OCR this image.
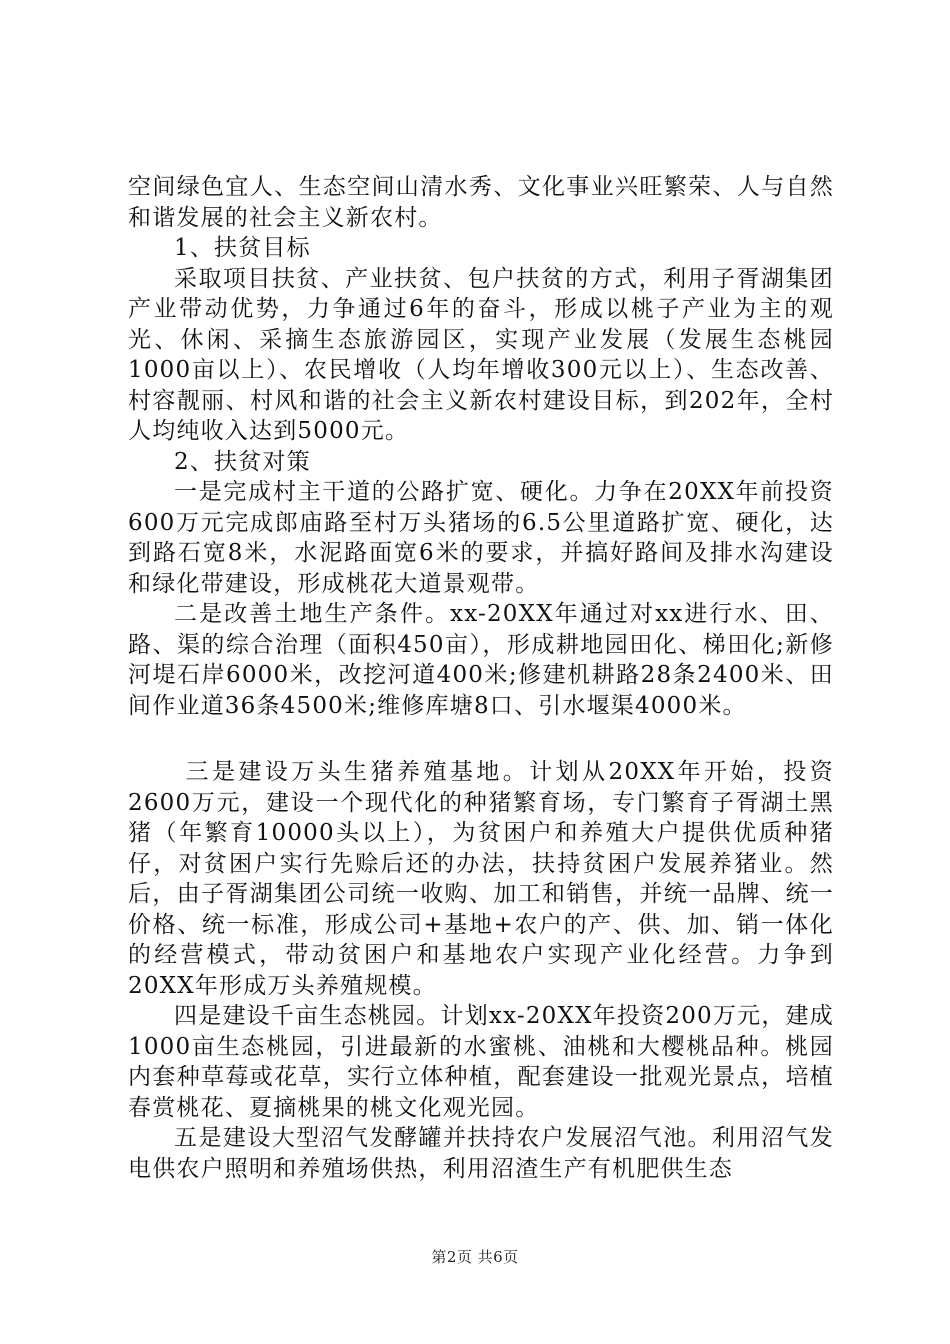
空间绿色宜人、生态空间山清水秀、文化事业兴旺繁荣、人与自然和谐发展的社会主义新农村。

1、扶贫目标

采取项目扶贫、产业扶贫、包户扶贫的方式，利用子胥湖集团产业带动优势，力争通过6年的奋斗，形成以桃子产业为主的观光、休闲、采摘生态旅游园区，实现产业发展（发展生态桃园1000亩以上）、农民增收（人均年增收300元以上）、生态改善、村容靓丽、村风和谐的社会主义新农村建设目标，到202年，全村人均纯收入达到5000元。

2、扶贫对策

一是完成村主干道的公路扩宽、硬化。力争在20XX年前投资600万元完成郎庙路至村万头猪场的6.5公里道路扩宽、硬化，达到路石宽8米，水泥路面宽6米的要求，并搞好路间及排水沟建设和绿化带建设，形成桃花大道景观带。

二是改善土地生产条件。xx-20XX年通过对xx进行水、田、路、渠的综合治理（面积450亩），形成耕地园田化、梯田化;新修河堤石岸6000米，改挖河道400米;修建机耕路28条2400米、田间作业道36条4500米;维修库塘8口、引水堰渠4000米。

三是建设万头生猪养殖基地。计划从20XX年开始，投资2600万元，建设一个现代化的种猪繁育场，专门繁育子胥湖土黑猪（年繁育10000头以上），为贫困户和养殖大户提供优质种猪仔，对贫困户实行先赊后还的办法，扶持贫困户发展养猪业。然后，由子胥湖集团公司统一收购、加工和销售，并统一品牌、统一价格、统一标准，形成公司+基地+农户的产、供、加、销一体化的经营模式，带动贫困户和基地农户实现产业化经营。力争到20XX年形成万头养殖规模。

四是建设千亩生态桃园。计划xx-20XX年投资200万元，建成1000亩生态桃园，引进最新的水蜜桃、油桃和大樱桃品种。桃园内套种草莓或花草，实行立体种植，配套建设一批观光景点，培植春赏桃花、夏摘桃果的桃文化观光园。

五是建设大型沼气发酵罐并扶持农户发展沼气池。利用沼气发电供农户照明和养殖场供热，利用沼渣生产有机肥供生态

第2页 共6页
